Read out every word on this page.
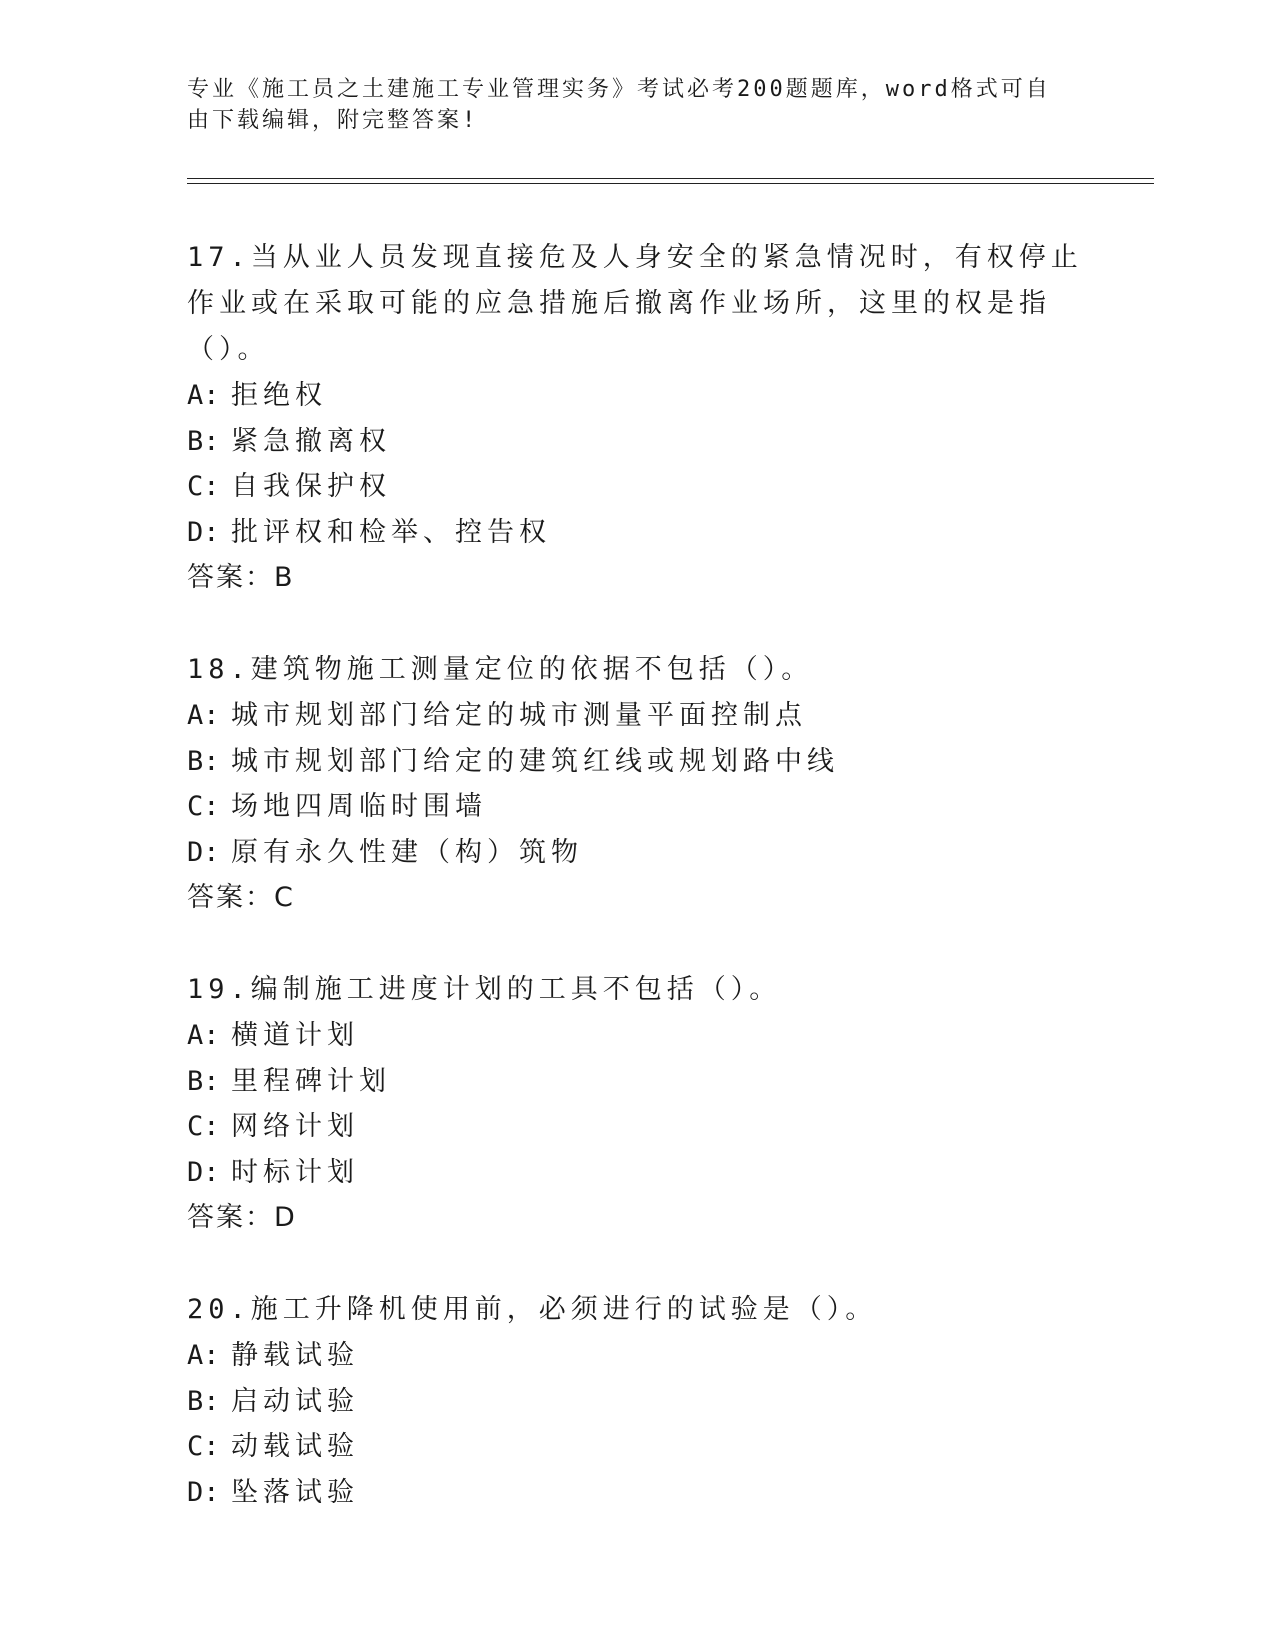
专业《施工员之土建施工专业管理实务》考试必考200题题库，word格式可自由下载编辑，附完整答案!
17.当从业人员发现直接危及人身安全的紧急情况时，有权停止作业或在采取可能的应急措施后撤离作业场所，这里的权是指（）。
A: 拒绝权
B: 紧急撤离权
C: 自我保护权
D: 批评权和检举、控告权
答案：B
18.建筑物施工测量定位的依据不包括（）。
A: 城市规划部门给定的城市测量平面控制点
B: 城市规划部门给定的建筑红线或规划路中线
C: 场地四周临时围墙
D: 原有永久性建（构）筑物
答案：C
19.编制施工进度计划的工具不包括（）。
A: 横道计划
B: 里程碑计划
C: 网络计划
D: 时标计划
答案：D
20.施工升降机使用前，必须进行的试验是（）。
A: 静载试验
B: 启动试验
C: 动载试验
D: 坠落试验
